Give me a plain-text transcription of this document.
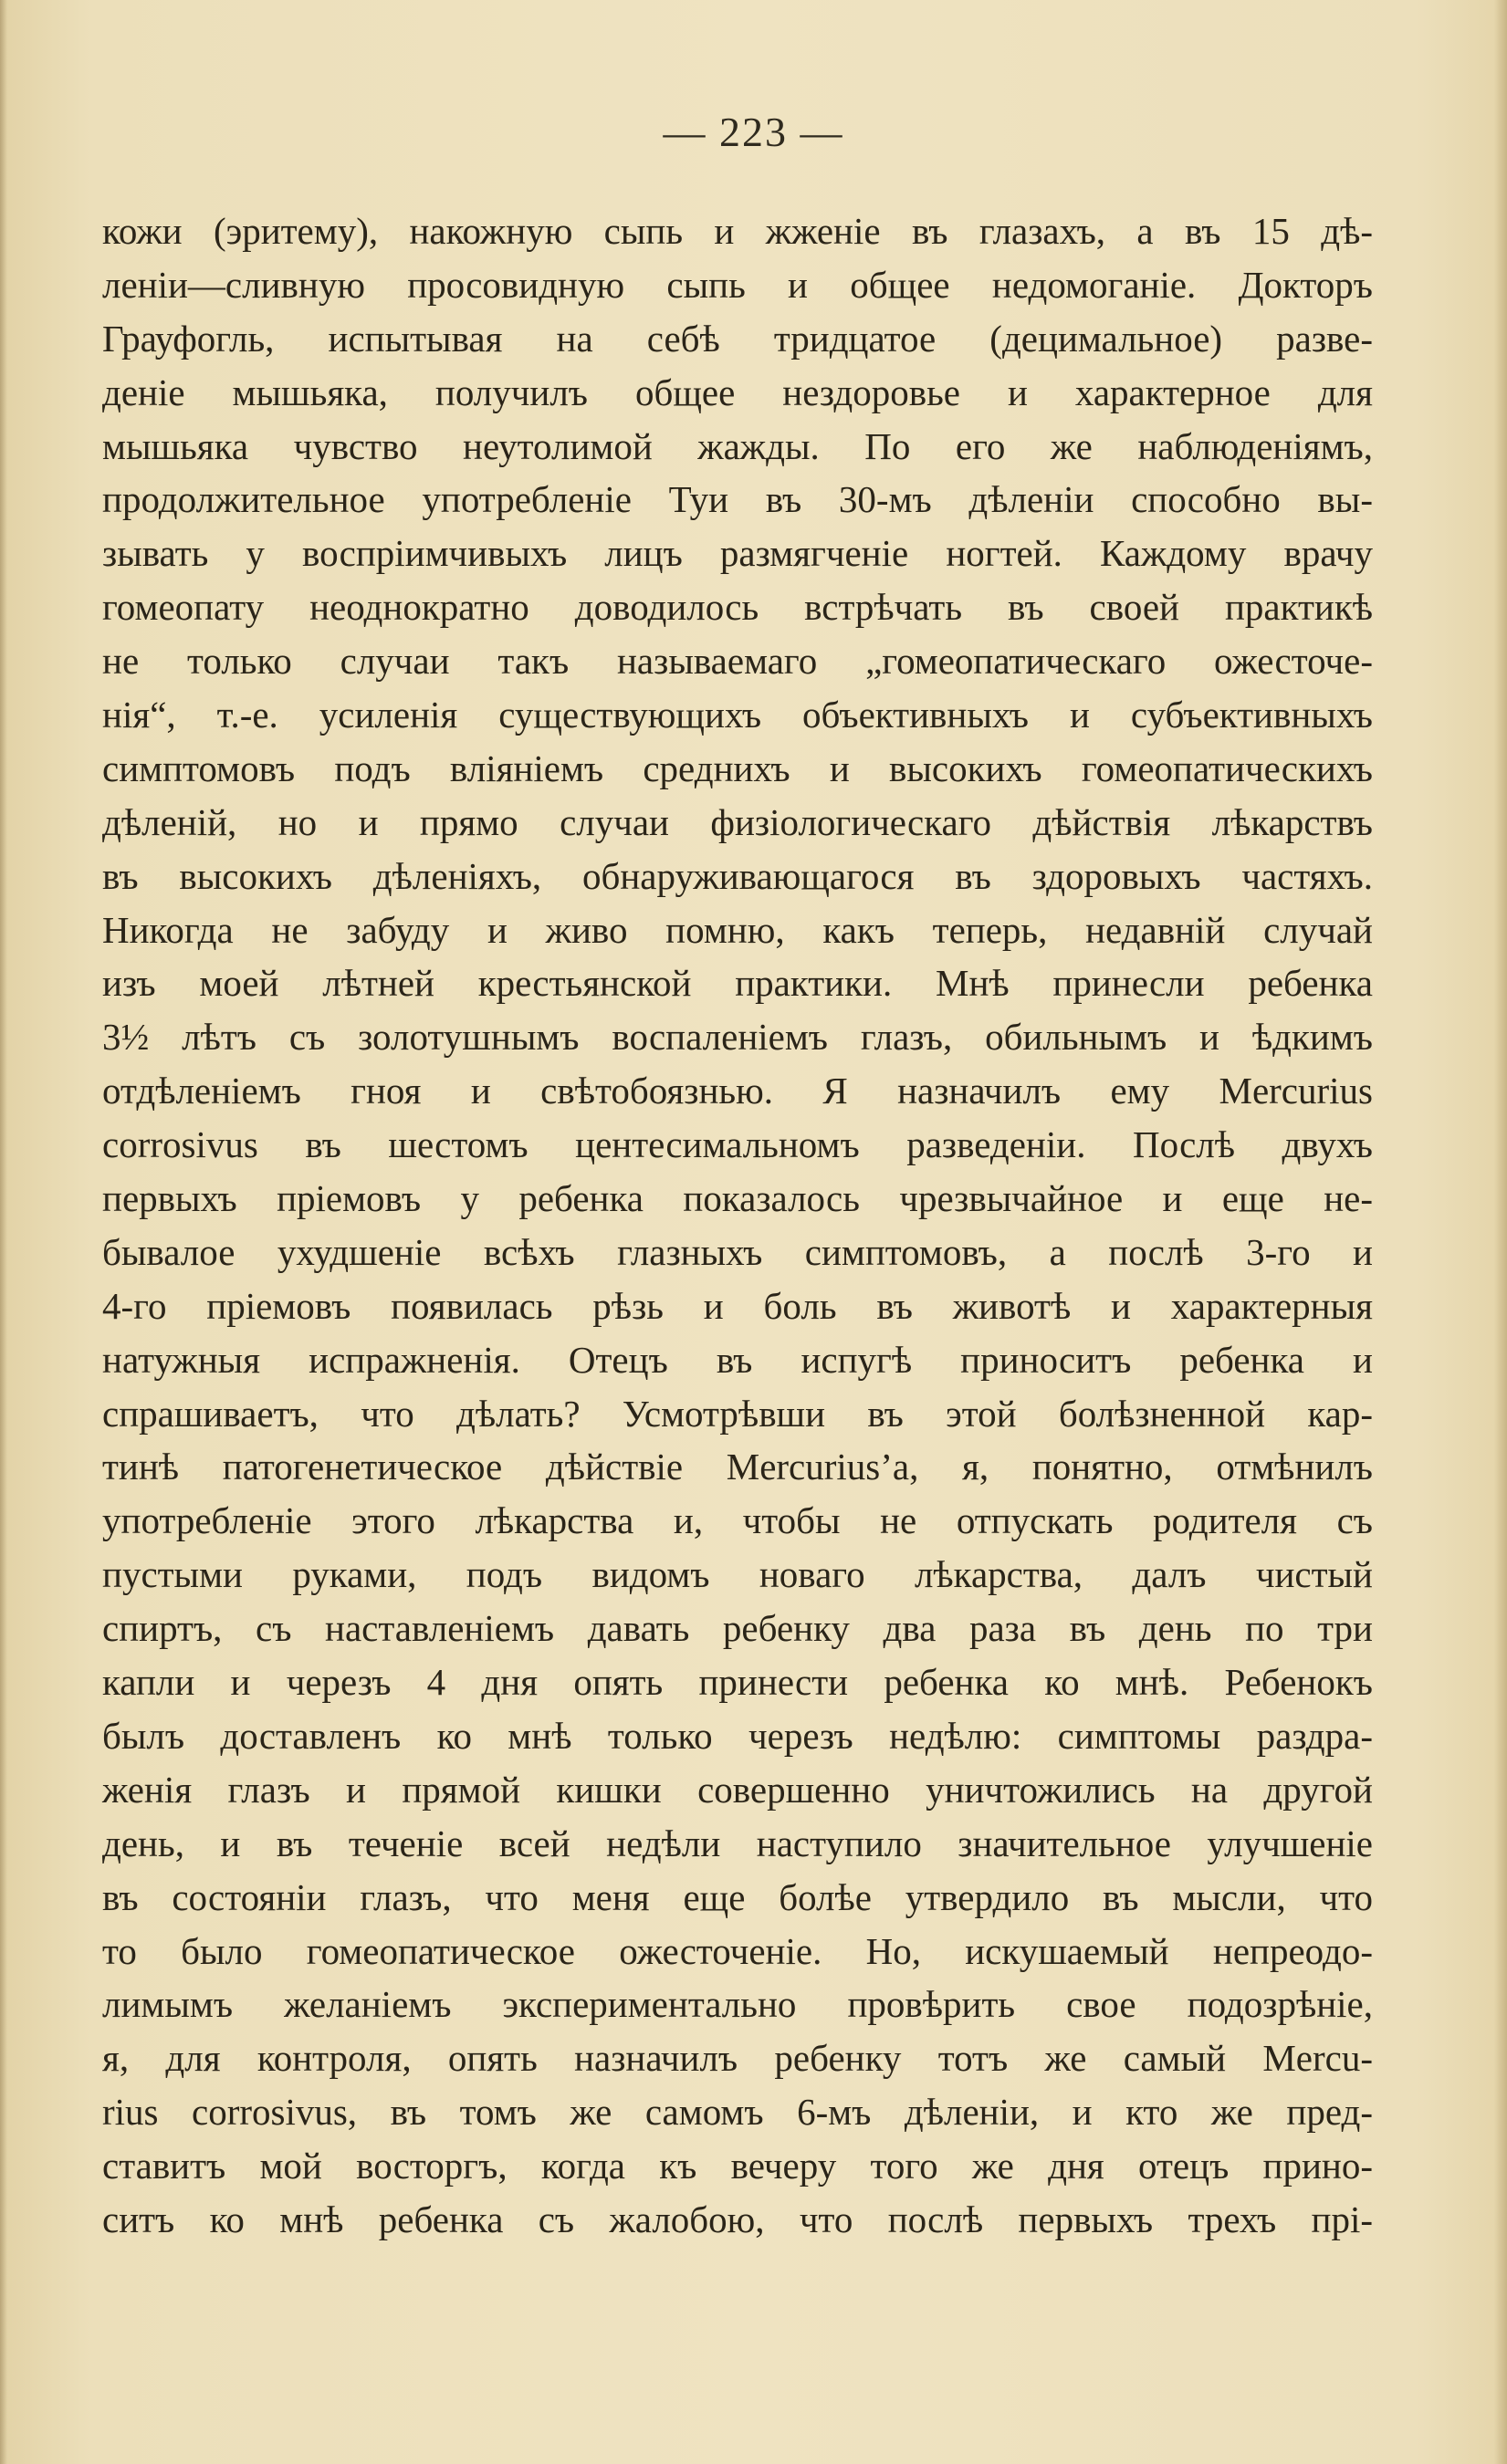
— 223 —
кожи (эритему), накожную сыпь и жженіе въ глазахъ, а въ 15 дѣ-
леніи—сливную просовидную сыпь и общее недомоганіе. Докторъ
Грауфогль, испытывая на себѣ тридцатое (децимальное) разве-
деніе мышьяка, получилъ общее нездоровье и характерное для
мышьяка чувство неутолимой жажды. По его же наблюденіямъ,
продолжительное употребленіе Туи въ 30-мъ дѣленіи способно вы-
зывать у воспріимчивыхъ лицъ размягченіе ногтей. Каждому врачу
гомеопату неоднократно доводилось встрѣчать въ своей практикѣ
не только случаи такъ называемаго „гомеопатическаго ожесточе-
нія“, т.-е. усиленія существующихъ объективныхъ и субъективныхъ
симптомовъ подъ вліяніемъ среднихъ и высокихъ гомеопатическихъ
дѣленій, но и прямо случаи физіологическаго дѣйствія лѣкарствъ
въ высокихъ дѣленіяхъ, обнаруживающагося въ здоровыхъ частяхъ.
Никогда не забуду и живо помню, какъ теперь, недавній случай
изъ моей лѣтней крестьянской практики. Мнѣ принесли ребенка
3½ лѣтъ съ золотушнымъ воспаленіемъ глазъ, обильнымъ и ѣдкимъ
отдѣленіемъ гноя и свѣтобоязнью. Я назначилъ ему Mercurius
corrosivus въ шестомъ центесимальномъ разведеніи. Послѣ двухъ
первыхъ пріемовъ у ребенка показалось чрезвычайное и еще не-
бывалое ухудшеніе всѣхъ глазныхъ симптомовъ, а послѣ 3-го и
4-го пріемовъ появилась рѣзь и боль въ животѣ и характерныя
натужныя испражненія. Отецъ въ испугѣ приноситъ ребенка и
спрашиваетъ, что дѣлать? Усмотрѣвши въ этой болѣзненной кар-
тинѣ патогенетическое дѣйствіе Mercurius’а, я, понятно, отмѣнилъ
употребленіе этого лѣкарства и, чтобы не отпускать родителя съ
пустыми руками, подъ видомъ новаго лѣкарства, далъ чистый
спиртъ, съ наставленіемъ давать ребенку два раза въ день по три
капли и черезъ 4 дня опять принести ребенка ко мнѣ. Ребенокъ
былъ доставленъ ко мнѣ только черезъ недѣлю: симптомы раздра-
женія глазъ и прямой кишки совершенно уничтожились на другой
день, и въ теченіе всей недѣли наступило значительное улучшеніе
въ состояніи глазъ, что меня еще болѣе утвердило въ мысли, что
то было гомеопатическое ожесточеніе. Но, искушаемый непреодо-
лимымъ желаніемъ экспериментально провѣрить свое подозрѣніе,
я, для контроля, опять назначилъ ребенку тотъ же самый Mercu-
rius corrosivus, въ томъ же самомъ 6-мъ дѣленіи, и кто же пред-
ставитъ мой восторгъ, когда къ вечеру того же дня отецъ прино-
ситъ ко мнѣ ребенка съ жалобою, что послѣ первыхъ трехъ прі-
